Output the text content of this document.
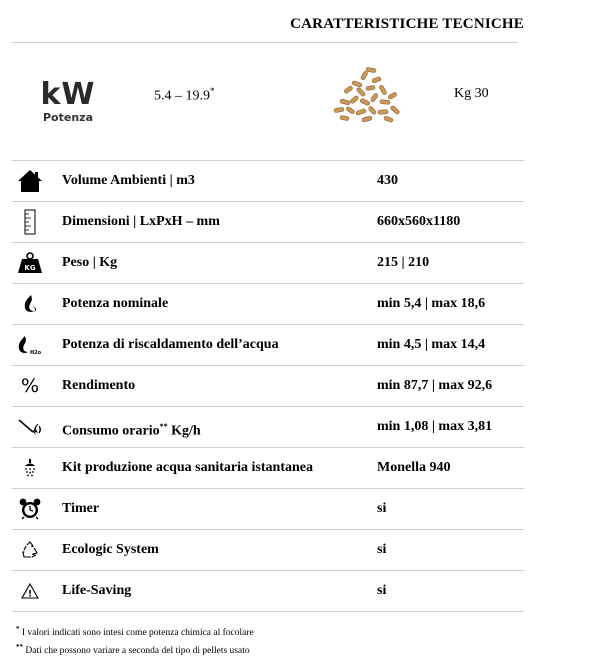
CARATTERISTICHE TECNICHE
kW
Potenza
5.4 – 19.9*	Kg 30
Volume Ambienti | m3	430
Dimensioni | LxPxH – mm	660x560x1180
KG Peso | Kg	215 | 210
Potenza nominale	min 5,4 | max 18,6
H2o
Potenza di riscaldamento dell’acqua	min 4,5 | max 14,4
% Rendimento	min 87,7 | max 92,6
Consumo orario** Kg/h	min 1,08 | max 3,81
Kit produzione acqua sanitaria istantanea	Monella 940
Timer	si
Ecologic System	si
! Life-Saving	si
* I valori indicati sono intesi come potenza chimica al focolare
** Dati che possono variare a seconda del tipo di pellets usato
